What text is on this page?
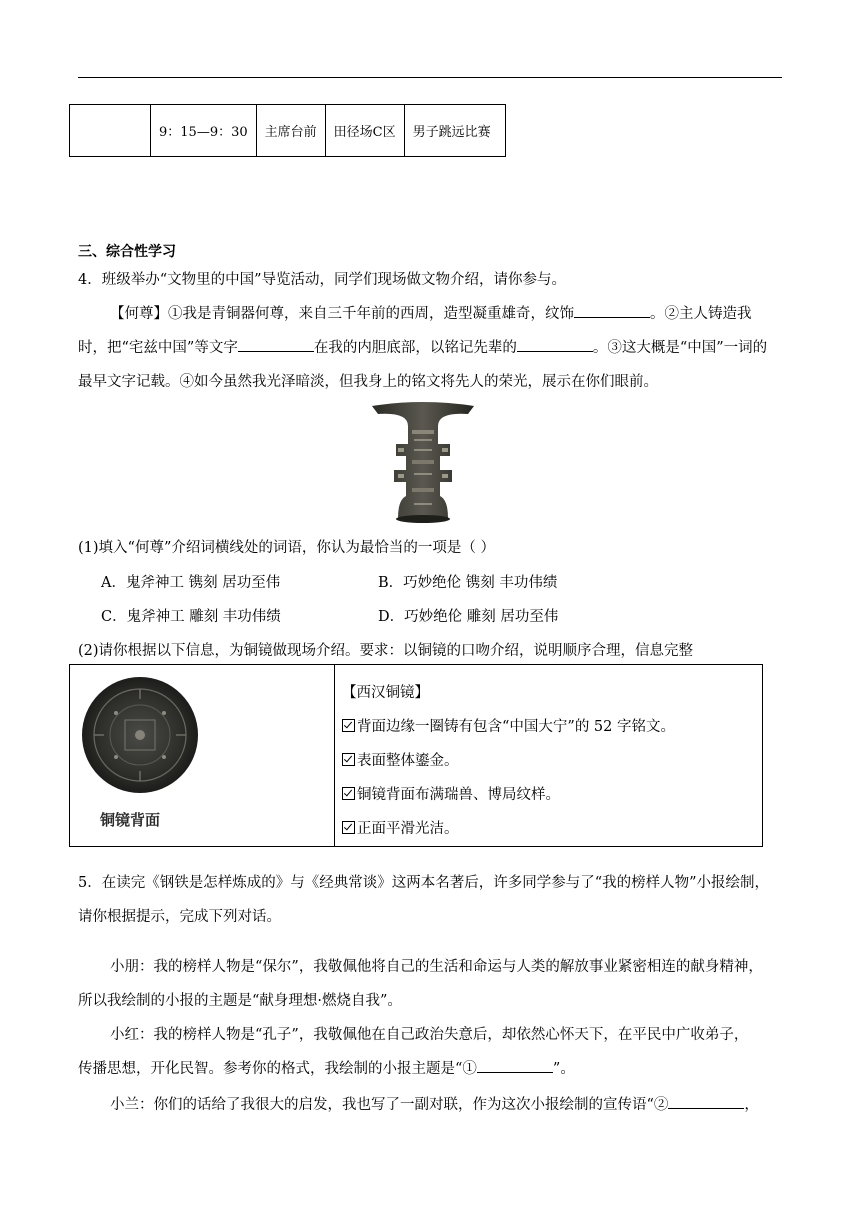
	9：15—9：30	主席台前	田径场C区	男子跳远比赛
三、综合性学习
4．班级举办“文物里的中国”导览活动，同学们现场做文物介绍，请你参与。
【何尊】①我是青铜器何尊，来自三千年前的西周，造型凝重雄奇，纹饰	。②主人铸造我
时，把“宅兹中国”等文字	在我的内胆底部，以铭记先辈的	。③这大概是“中国”一词的
最早文字记载。④如今虽然我光泽暗淡，但我身上的铭文将先人的荣光，展示在你们眼前。
(1)填入“何尊”介绍词横线处的词语，你认为最恰当的一项是（ ）
A．鬼斧神工 镌刻 居功至伟	B．巧妙绝伦 镌刻 丰功伟绩
C．鬼斧神工 雕刻 丰功伟绩	D．巧妙绝伦 雕刻 居功至伟
(2)请你根据以下信息，为铜镜做现场介绍。要求：以铜镜的口吻介绍，说明顺序合理，信息完整
铜镜背面
【西汉铜镜】
背面边缘一圈铸有包含“中国大宁”的 52 字铭文。
表面整体鎏金。
铜镜背面布满瑞兽、博局纹样。
正面平滑光洁。
5．在读完《钢铁是怎样炼成的》与《经典常谈》这两本名著后，许多同学参与了“我的榜样人物”小报绘制，
请你根据提示，完成下列对话。
小朋：我的榜样人物是“保尔”，我敬佩他将自己的生活和命运与人类的解放事业紧密相连的献身精神，
所以我绘制的小报的主题是“献身理想·燃烧自我”。
小红：我的榜样人物是“孔子”，我敬佩他在自己政治失意后，却依然心怀天下，在平民中广收弟子，
传播思想，开化民智。参考你的格式，我绘制的小报主题是“①	”。
小兰：你们的话给了我很大的启发，我也写了一副对联，作为这次小报绘制的宣传语“②	，
